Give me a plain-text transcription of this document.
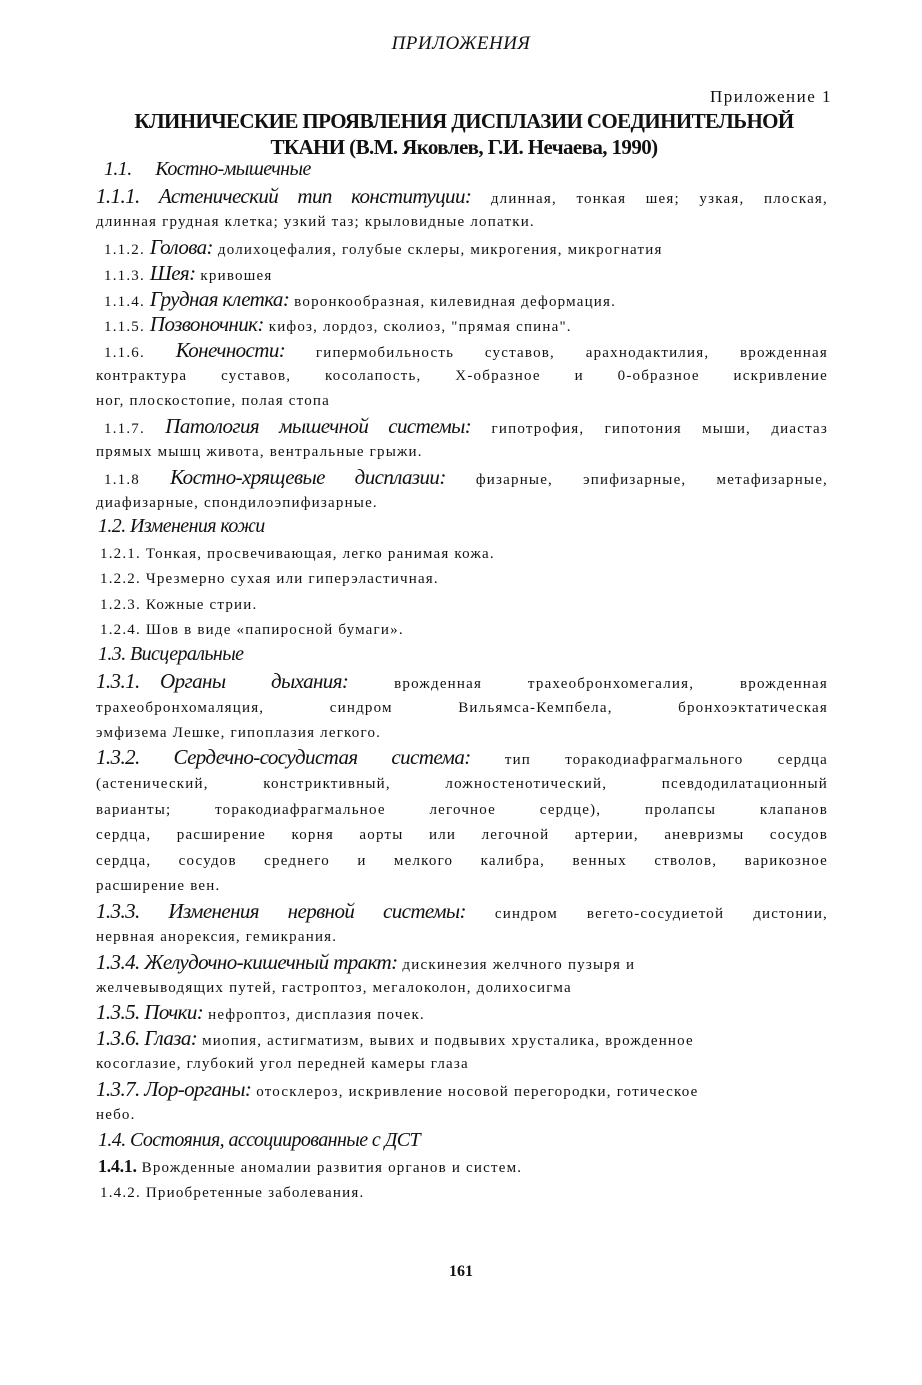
ПРИЛОЖЕНИЯ
Приложение 1
КЛИНИЧЕСКИЕ ПРОЯВЛЕНИЯ ДИСПЛАЗИИ СОЕДИНИТЕЛЬНОЙ
ТКАНИ (В.М. Яковлев, Г.И. Нечаева, 1990)
1.1.  Костно-мышечные
1.1.1. Астенический тип конституции: длинная, тонкая шея; узкая, плоская,
длинная грудная клетка; узкий таз; крыловидные лопатки.
1.1.2. Голова: долихоцефалия, голубые склеры, микрогения, микрогнатия
1.1.3. Шея: кривошея
1.1.4. Грудная клетка: воронкообразная, килевидная деформация.
1.1.5. Позвоночник: кифоз, лордоз, сколиоз, "прямая спина".
1.1.6. Конечности: гипермобильность суставов, арахнодактилия, врожденная
контрактура суставов, косолапость, Х-образное и 0-образное искривление
ног, плоскостопие, полая стопа
1.1.7. Патология мышечной системы: гипотрофия, гипотония мыши, диастаз
прямых мышц живота, вентральные грыжи.
1.1.8 Костно-хрящевые дисплазии: физарные, эпифизарные, метафизарные,
диафизарные, спондилоэпифизарные.
1.2. Изменения кожи
1.2.1. Тонкая, просвечивающая, легко ранимая кожа.
1.2.2. Чрезмерно сухая или гиперэластичная.
1.2.3. Кожные стрии.
1.2.4. Шов в виде «папиросной бумаги».
1.3. Висцеральные
1.3.1. Органы дыхания: врожденная трахеобронхомегалия, врожденная
трахеобронхомаляция, синдром Вильямса-Кемпбела, бронхоэктатическая
эмфизема Лешке, гипоплазия легкого.
1.3.2. Сердечно-сосудистая система: тип торакодиафрагмального сердца
(астенический, констриктивный, ложностенотический, псевдодилатационный
варианты; торакодиафрагмальное легочное сердце), пролапсы клапанов
сердца, расширение корня аорты или легочной артерии, аневризмы сосудов
сердца, сосудов среднего и мелкого калибра, венных стволов, варикозное
расширение вен.
1.3.3. Изменения нервной системы: синдром вегето-сосудиетой дистонии,
нервная анорексия, гемикрания.
1.3.4. Желудочно-кишечный тракт: дискинезия желчного пузыря и
желчевыводящих путей, гастроптоз, мегалоколон, долихосигма
1.3.5. Почки: нефроптоз, дисплазия почек.
1.3.6. Глаза: миопия, астигматизм, вывих и подвывих хрусталика, врожденное
косоглазие, глубокий угол передней камеры глаза
1.3.7. Лор-органы: отосклероз, искривление носовой перегородки, готическое
небо.
1.4. Состояния, ассоциированные с ДСТ
1.4.1. Врожденные аномалии развития органов и систем.
1.4.2. Приобретенные заболевания.
161
